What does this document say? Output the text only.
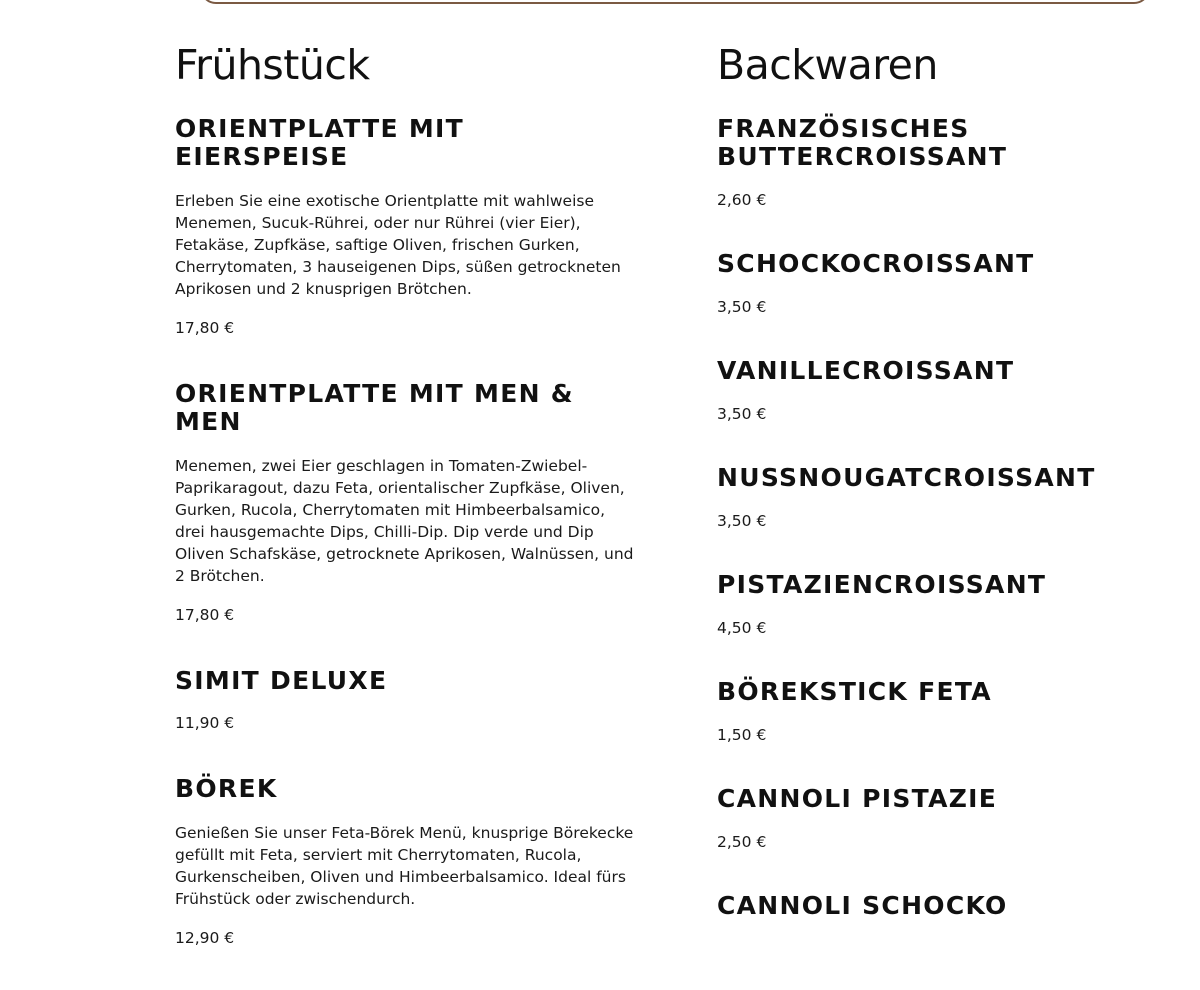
Frühstück
ORIENTPLATTE MIT EIERSPEISE
Erleben Sie eine exotische Orientplatte mit wahlweise Menemen, Sucuk-Rührei, oder nur Rührei (vier Eier), Fetakäse, Zupfkäse, saftige Oliven, frischen Gurken, Cherrytomaten, 3 hauseigenen Dips, süßen getrockneten Aprikosen und 2 knusprigen Brötchen.
17,80 €
ORIENTPLATTE MIT MEN & MEN
Menemen, zwei Eier geschlagen in Tomaten-Zwiebel-Paprikaragout, dazu Feta, orientalischer Zupfkäse, Oliven, Gurken, Rucola, Cherrytomaten mit Himbeerbalsamico, drei hausgemachte Dips, Chilli-Dip. Dip verde und Dip Oliven Schafskäse, getrocknete Aprikosen, Walnüssen, und 2 Brötchen.
17,80 €
SIMIT DELUXE
11,90 €
BÖREK
Genießen Sie unser Feta-Börek Menü, knusprige Börekecke gefüllt mit Feta, serviert mit Cherrytomaten, Rucola, Gurkenscheiben, Oliven und Himbeerbalsamico. Ideal fürs Frühstück oder zwischendurch.
12,90 €
Backwaren
FRANZÖSISCHES BUTTERCROISSANT
2,60 €
SCHOCKOCROISSANT
3,50 €
VANILLECROISSANT
3,50 €
NUSSNOUGATCROISSANT
3,50 €
PISTAZIENCROISSANT
4,50 €
BÖREKSTICK FETA
1,50 €
CANNOLI PISTAZIE
2,50 €
CANNOLI SCHOCKO
